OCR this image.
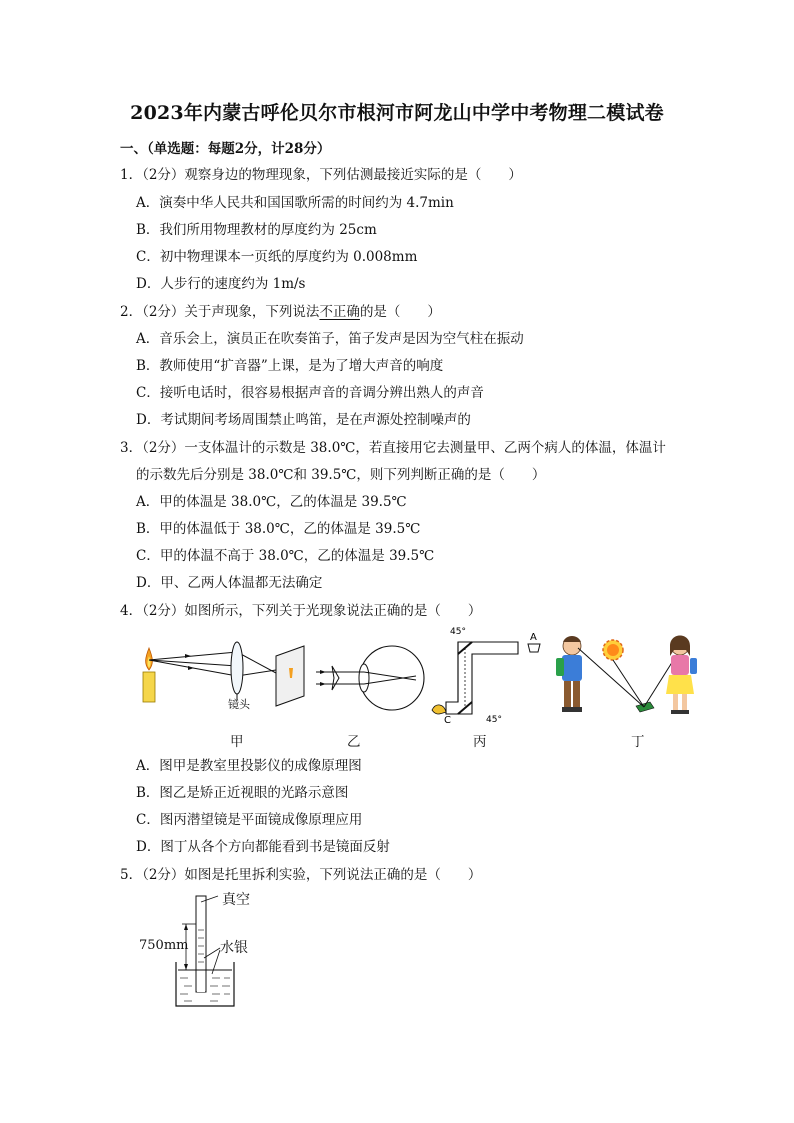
2023年内蒙古呼伦贝尔市根河市阿龙山中学中考物理二模试卷
一、（单选题：每题2分，计28分）
1．（2分）观察身边的物理现象，下列估测最接近实际的是（　　）
A．演奏中华人民共和国国歌所需的时间约为 4.7min
B．我们所用物理教材的厚度约为 25cm
C．初中物理课本一页纸的厚度约为 0.008mm
D．人步行的速度约为 1m/s
2．（2分）关于声现象，下列说法不正确的是（　　）
A．音乐会上，演员正在吹奏笛子，笛子发声是因为空气柱在振动
B．教师使用“扩音器”上课，是为了增大声音的响度
C．接听电话时，很容易根据声音的音调分辨出熟人的声音
D．考试期间考场周围禁止鸣笛，是在声源处控制噪声的
3．（2分）一支体温计的示数是 38.0℃，若直接用它去测量甲、乙两个病人的体温，体温计
的示数先后分别是 38.0℃和 39.5℃，则下列判断正确的是（　　）
A．甲的体温是 38.0℃，乙的体温是 39.5℃
B．甲的体温低于 38.0℃，乙的体温是 39.5℃
C．甲的体温不高于 38.0℃，乙的体温是 39.5℃
D．甲、乙两人体温都无法确定
4．（2分）如图所示，下列关于光现象说法正确的是（　　）
镜头
甲	乙
45°
45°
A
C
丙	丁
A．图甲是教室里投影仪的成像原理图
B．图乙是矫正近视眼的光路示意图
C．图丙潜望镜是平面镜成像原理应用
D．图丁从各个方向都能看到书是镜面反射
5．（2分）如图是托里拆利实验，下列说法正确的是（　　）
真空
750mm 水银
